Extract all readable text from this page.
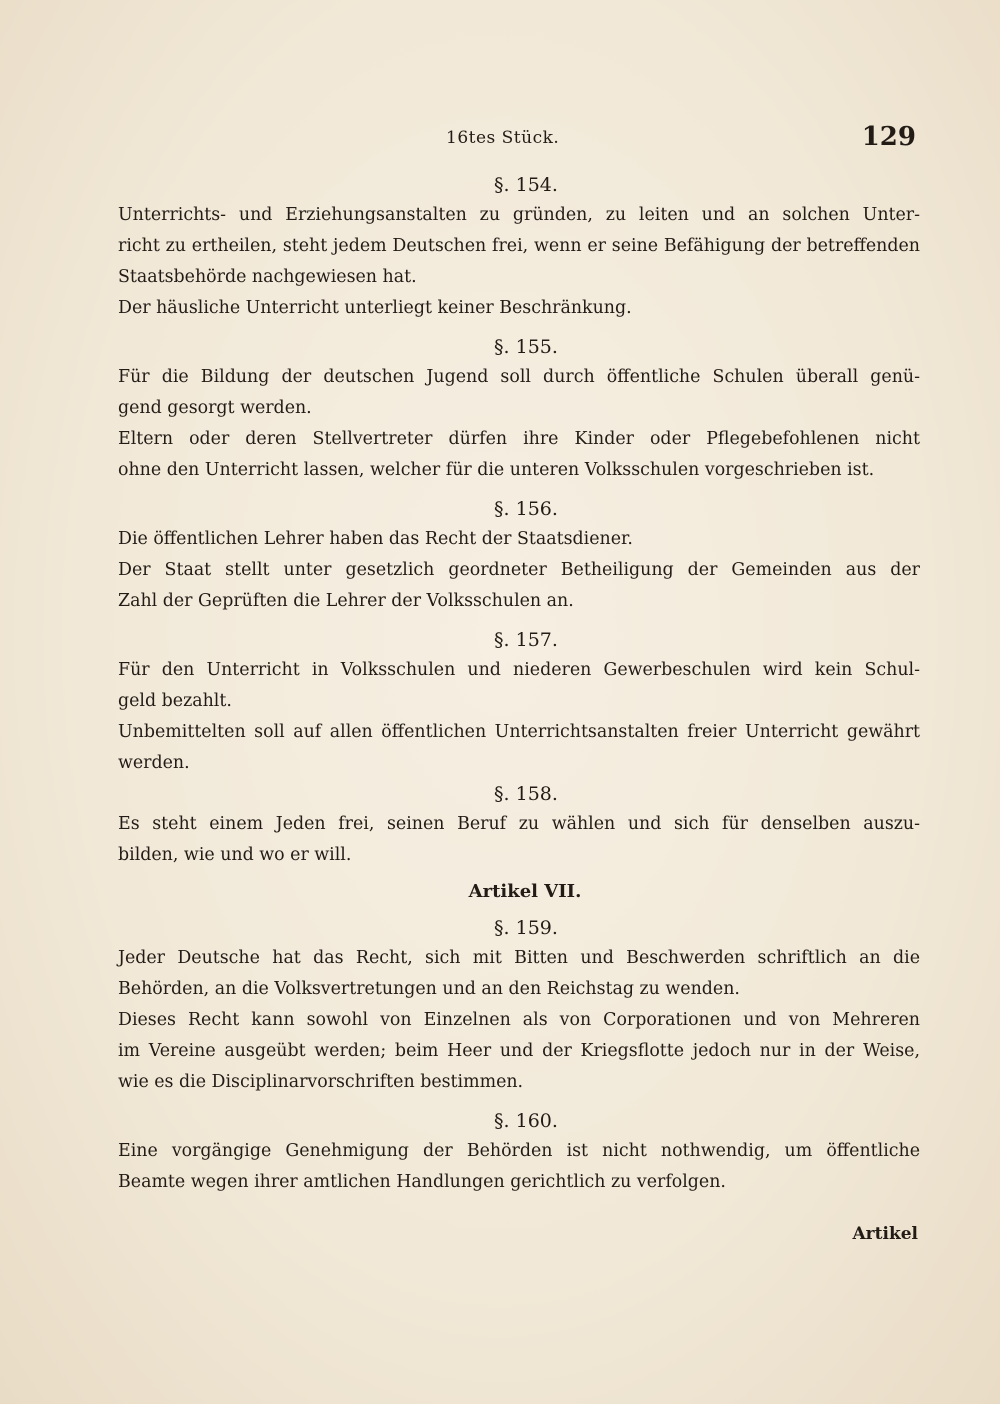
16tes Stück.	129
§. 154.
Unterrichts- und Erziehungsanstalten zu gründen, zu leiten und an solchen Unter-
richt zu ertheilen, steht jedem Deutschen frei, wenn er seine Befähigung der betreffenden
Staatsbehörde nachgewiesen hat.
Der häusliche Unterricht unterliegt keiner Beschränkung.
§. 155.
Für die Bildung der deutschen Jugend soll durch öffentliche Schulen überall genü-
gend gesorgt werden.
Eltern oder deren Stellvertreter dürfen ihre Kinder oder Pflegebefohlenen nicht
ohne den Unterricht lassen, welcher für die unteren Volksschulen vorgeschrieben ist.
§. 156.
Die öffentlichen Lehrer haben das Recht der Staatsdiener.
Der Staat stellt unter gesetzlich geordneter Betheiligung der Gemeinden aus der
Zahl der Geprüften die Lehrer der Volksschulen an.
§. 157.
Für den Unterricht in Volksschulen und niederen Gewerbeschulen wird kein Schul-
geld bezahlt.
Unbemittelten soll auf allen öffentlichen Unterrichtsanstalten freier Unterricht gewährt
werden.
§. 158.
Es steht einem Jeden frei, seinen Beruf zu wählen und sich für denselben auszu-
bilden, wie und wo er will.
Artikel VII.
§. 159.
Jeder Deutsche hat das Recht, sich mit Bitten und Beschwerden schriftlich an die
Behörden, an die Volksvertretungen und an den Reichstag zu wenden.
Dieses Recht kann sowohl von Einzelnen als von Corporationen und von Mehreren
im Vereine ausgeübt werden; beim Heer und der Kriegsflotte jedoch nur in der Weise,
wie es die Disciplinarvorschriften bestimmen.
§. 160.
Eine vorgängige Genehmigung der Behörden ist nicht nothwendig, um öffentliche
Beamte wegen ihrer amtlichen Handlungen gerichtlich zu verfolgen.
Artikel
